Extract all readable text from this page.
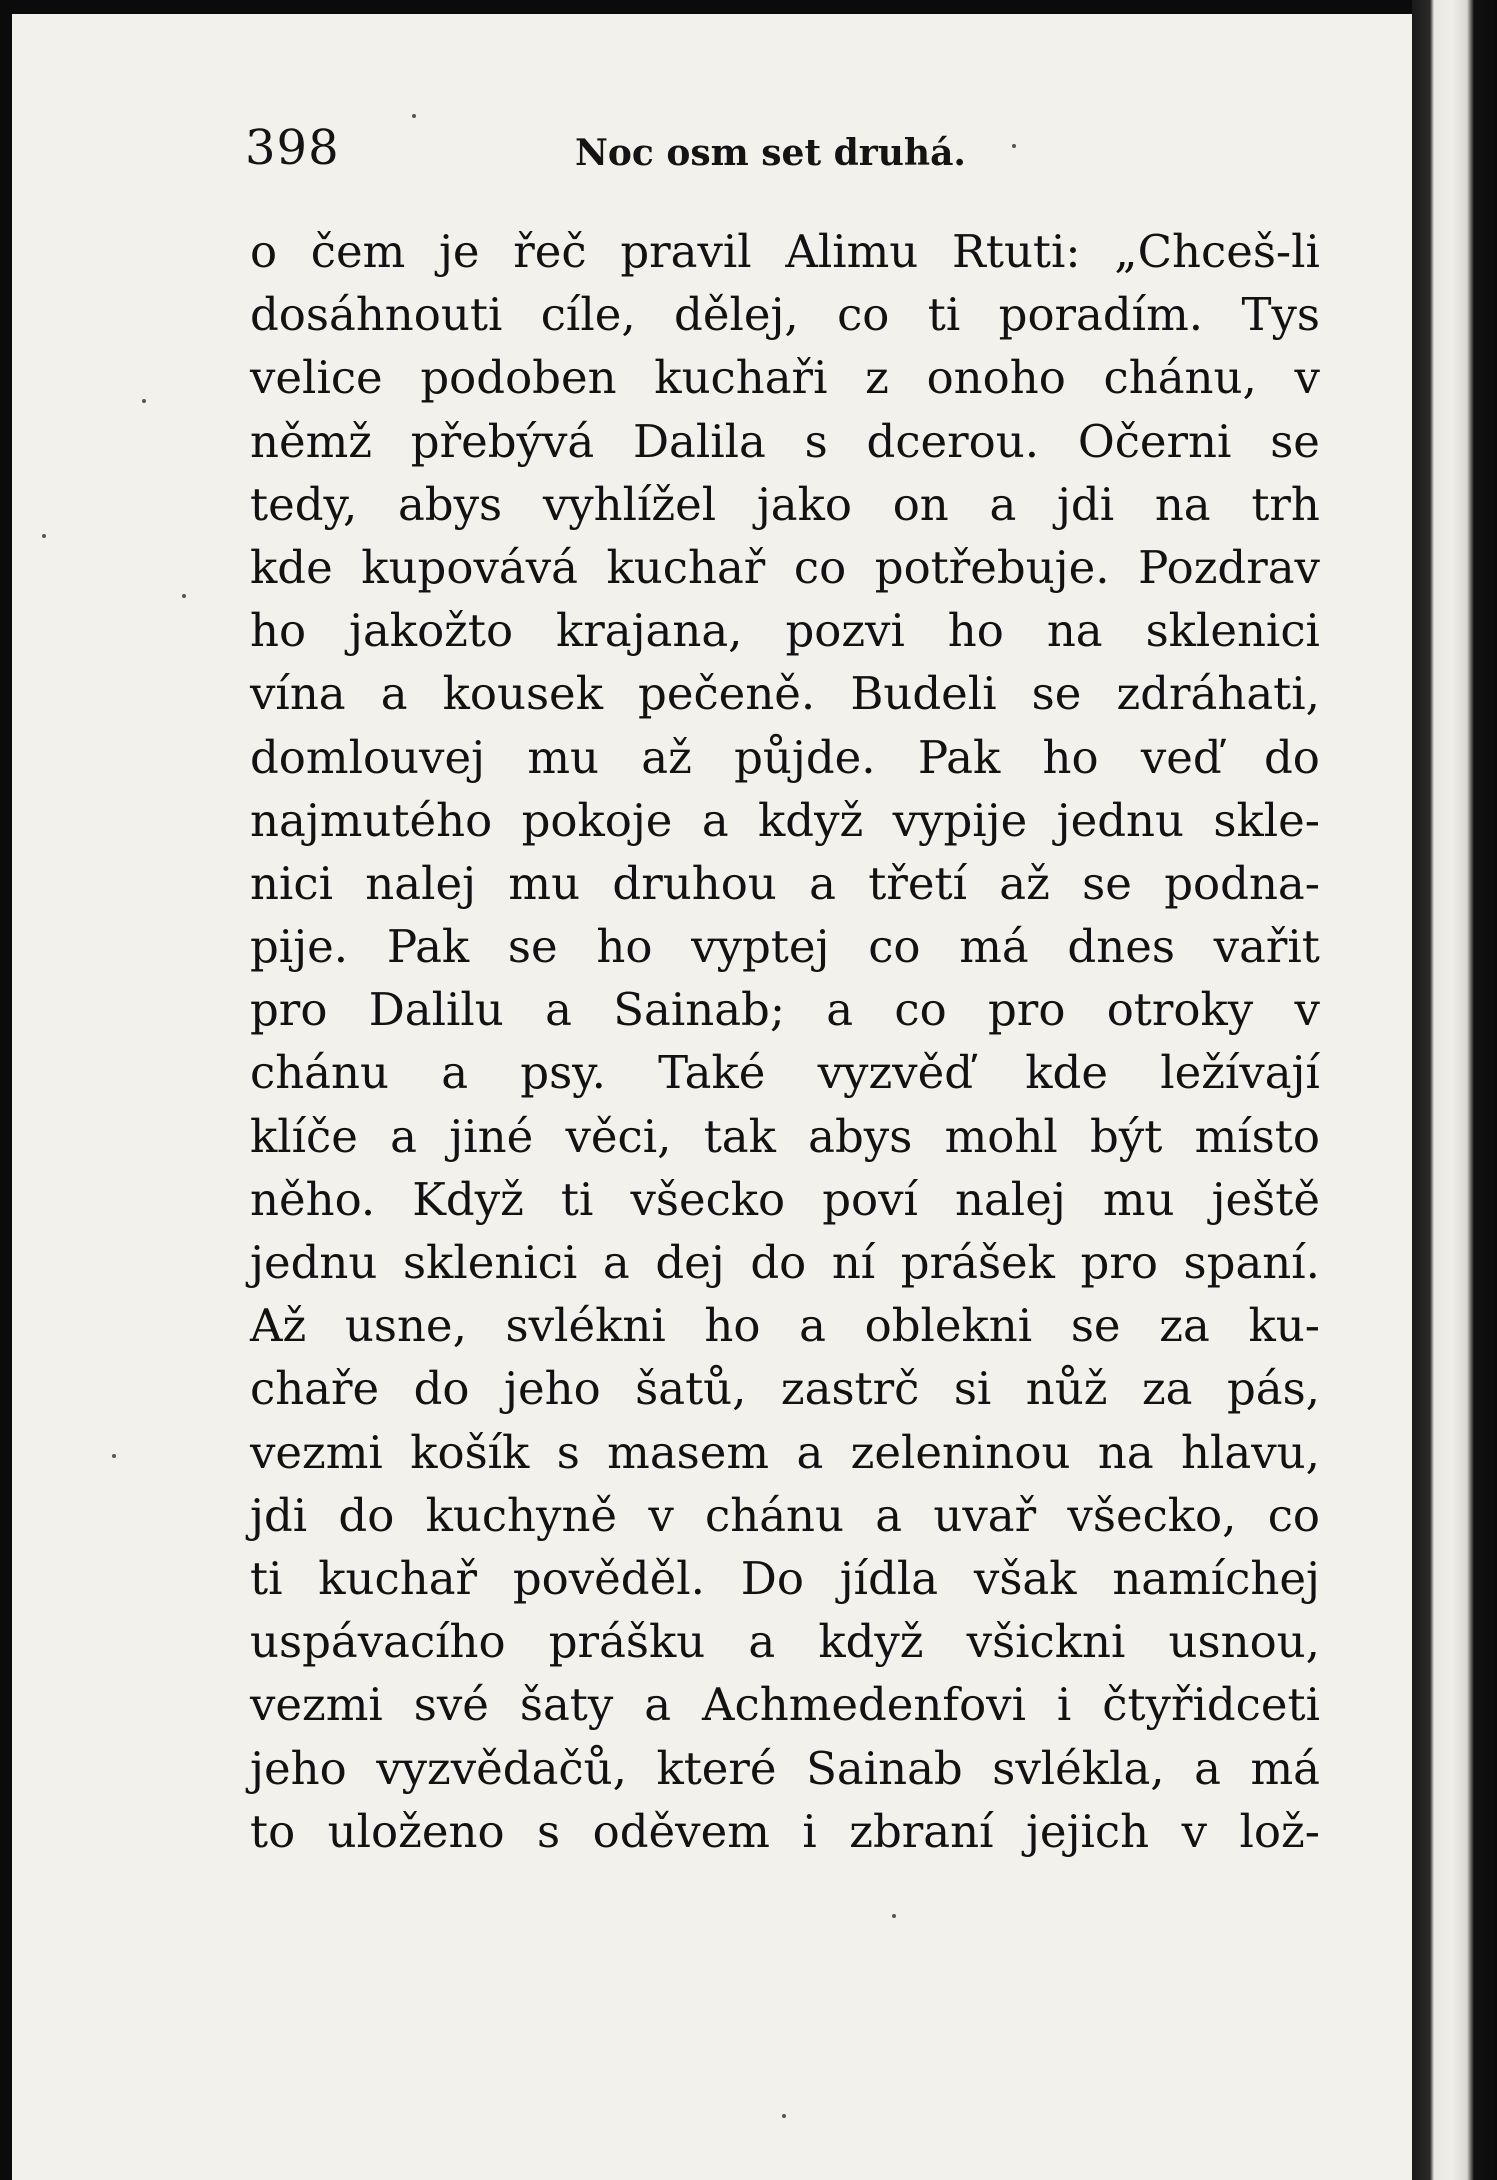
398	Noc osm set druhá.
o čem je řeč pravil Alimu Rtuti: „Chceš-li
dosáhnouti cíle, dělej, co ti poradím. Tys
velice podoben kuchaři z onoho chánu, v
němž přebývá Dalila s dcerou. Očerni se
tedy, abys vyhlížel jako on a jdi na trh
kde kupovává kuchař co potřebuje. Pozdrav
ho jakožto krajana, pozvi ho na sklenici
vína a kousek pečeně. Budeli se zdráhati,
domlouvej mu až půjde. Pak ho veď do
najmutého pokoje a když vypije jednu skle-
nici nalej mu druhou a třetí až se podna-
pije. Pak se ho vyptej co má dnes vařit
pro Dalilu a Sainab; a co pro otroky v
chánu a psy. Také vyzvěď kde ležívají
klíče a jiné věci, tak abys mohl být místo
něho. Když ti všecko poví nalej mu ještě
jednu sklenici a dej do ní prášek pro spaní.
Až usne, svlékni ho a oblekni se za ku-
chaře do jeho šatů, zastrč si nůž za pás,
vezmi košík s masem a zeleninou na hlavu,
jdi do kuchyně v chánu a uvař všecko, co
ti kuchař pověděl. Do jídla však namíchej
uspávacího prášku a když všickni usnou,
vezmi své šaty a Achmedenfovi i čtyřidceti
jeho vyzvědačů, které Sainab svlékla, a má
to uloženo s oděvem i zbraní jejich v lož-
